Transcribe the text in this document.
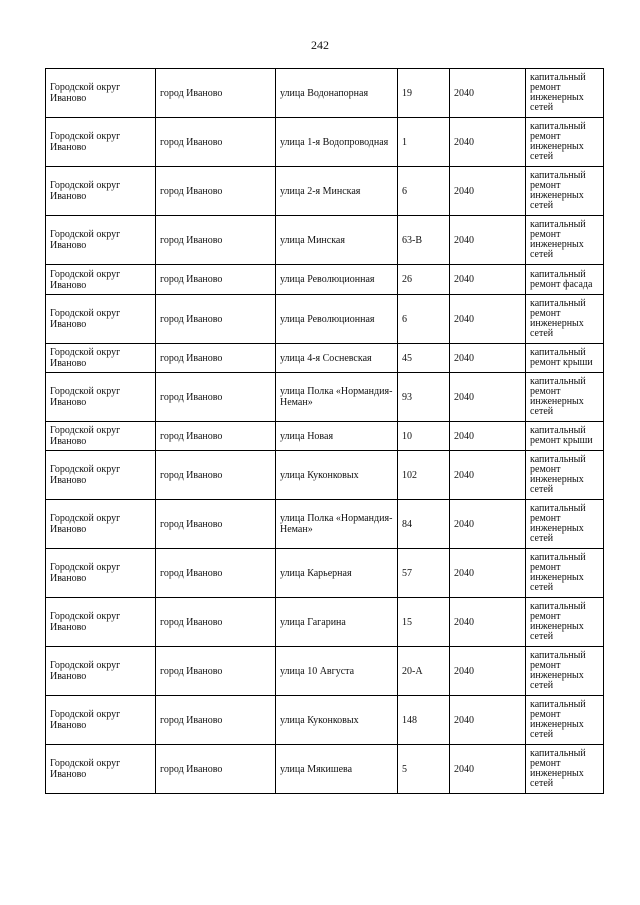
242
Городской округ Иваново	город Иваново	улица Водонапорная	19	2040	капитальный ремонт инженерных сетей
Городской округ Иваново	город Иваново	улица 1-я Водопроводная	1	2040	капитальный ремонт инженерных сетей
Городской округ Иваново	город Иваново	улица 2-я Минская	6	2040	капитальный ремонт инженерных сетей
Городской округ Иваново	город Иваново	улица Минская	63-В	2040	капитальный ремонт инженерных сетей
Городской округ Иваново	город Иваново	улица Революционная	26	2040	капитальный ремонт фасада
Городской округ Иваново	город Иваново	улица Революционная	6	2040	капитальный ремонт инженерных сетей
Городской округ Иваново	город Иваново	улица 4-я Сосневская	45	2040	капитальный ремонт крыши
Городской округ Иваново	город Иваново	улица Полка «Нормандия-Неман»	93	2040	капитальный ремонт инженерных сетей
Городской округ Иваново	город Иваново	улица Новая	10	2040	капитальный ремонт крыши
Городской округ Иваново	город Иваново	улица Куконковых	102	2040	капитальный ремонт инженерных сетей
Городской округ Иваново	город Иваново	улица Полка «Нормандия-Неман»	84	2040	капитальный ремонт инженерных сетей
Городской округ Иваново	город Иваново	улица Карьерная	57	2040	капитальный ремонт инженерных сетей
Городской округ Иваново	город Иваново	улица Гагарина	15	2040	капитальный ремонт инженерных сетей
Городской округ Иваново	город Иваново	улица 10 Августа	20-А	2040	капитальный ремонт инженерных сетей
Городской округ Иваново	город Иваново	улица Куконковых	148	2040	капитальный ремонт инженерных сетей
Городской округ Иваново	город Иваново	улица Мякишева	5	2040	капитальный ремонт инженерных сетей
